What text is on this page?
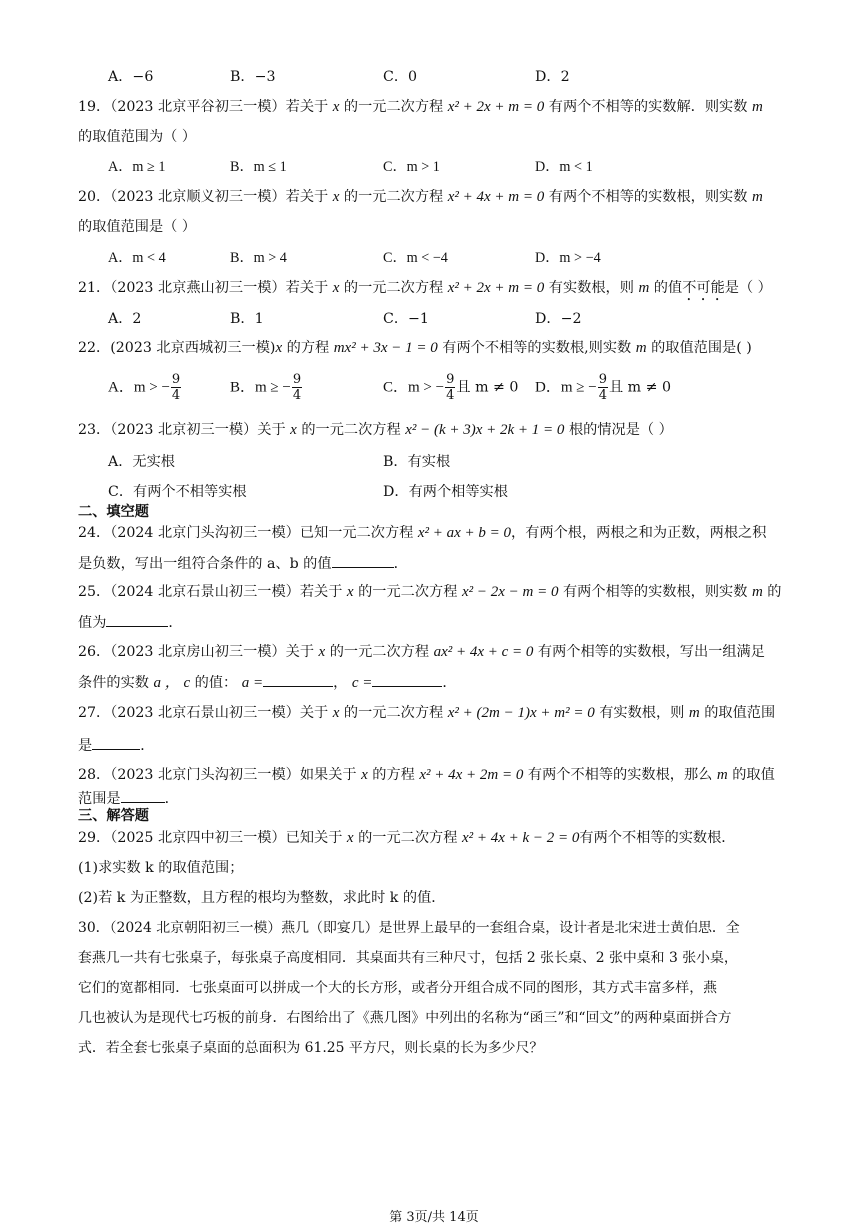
A．−6	B．−3	C．0	D．2
19．（2023 北京平谷初三一模）若关于 x 的一元二次方程 x² + 2x + m = 0 有两个不相等的实数解．则实数 m
的取值范围为（ ）
A．m ≥ 1	B．m ≤ 1	C．m > 1	D．m < 1
20．（2023 北京顺义初三一模）若关于 x 的一元二次方程 x² + 4x + m = 0 有两个不相等的实数根，则实数 m
的取值范围是（ ）
A．m < 4	B．m > 4	C．m < −4	D．m > −4
21．（2023 北京燕山初三一模）若关于 x 的一元二次方程 x² + 2x + m = 0 有实数根，则 m 的值不可能是（ ）
A．2	B．1	C．−1	D．−2
22．(2023 北京西城初三一模)x 的方程 mx² + 3x − 1 = 0 有两个不相等的实数根,则实数 m 的取值范围是( )
A．m > − $\frac{9}{4}$	B．m ≥ − $\frac{9}{4}$	C．m > − $\frac{9}{4}$ 且 m ≠ 0 D．m ≥ − $\frac{9}{4}$ 且 m ≠ 0
23．（2023 北京初三一模）关于 x 的一元二次方程 x² − (k + 3)x + 2k + 1 = 0 根的情况是（ ）
A．无实根	B．有实根
C．有两个不相等实根	D．有两个相等实根
二、填空题
24．（2024 北京门头沟初三一模）已知一元二次方程 x² + ax + b = 0，有两个根，两根之和为正数，两根之积
是负数，写出一组符合条件的 a、b 的值	．
25．（2024 北京石景山初三一模）若关于 x 的一元二次方程 x² − 2x − m = 0 有两个相等的实数根，则实数 m 的
值为	．
26．（2023 北京房山初三一模）关于 x 的一元二次方程 ax² + 4x + c = 0 有两个相等的实数根，写出一组满足
条件的实数 a ， c 的值： a =	， c =	．
27．（2023 北京石景山初三一模）关于 x 的一元二次方程 x² + (2m − 1)x + m² = 0 有实数根，则 m 的取值范围
是	．
28．（2023 北京门头沟初三一模）如果关于 x 的方程 x² + 4x + 2m = 0 有两个不相等的实数根，那么 m 的取值
范围是	．
三、解答题
29．（2025 北京四中初三一模）已知关于 x 的一元二次方程 x² + 4x + k − 2 = 0有两个不相等的实数根．
(1)求实数 k 的取值范围；
(2)若 k 为正整数，且方程的根均为整数，求此时 k 的值．
30．（2024 北京朝阳初三一模）燕几（即宴几）是世界上最早的一套组合桌，设计者是北宋进士黄伯思．全
套燕几一共有七张桌子，每张桌子高度相同．其桌面共有三种尺寸，包括 2 张长桌、2 张中桌和 3 张小桌，
它们的宽都相同．七张桌面可以拼成一个大的长方形，或者分开组合成不同的图形，其方式丰富多样，燕
几也被认为是现代七巧板的前身．右图给出了《燕几图》中列出的名称为“函三”和“回文”的两种桌面拼合方
式．若全套七张桌子桌面的总面积为 61.25 平方尺，则长桌的长为多少尺？
第 3页/共 14页
